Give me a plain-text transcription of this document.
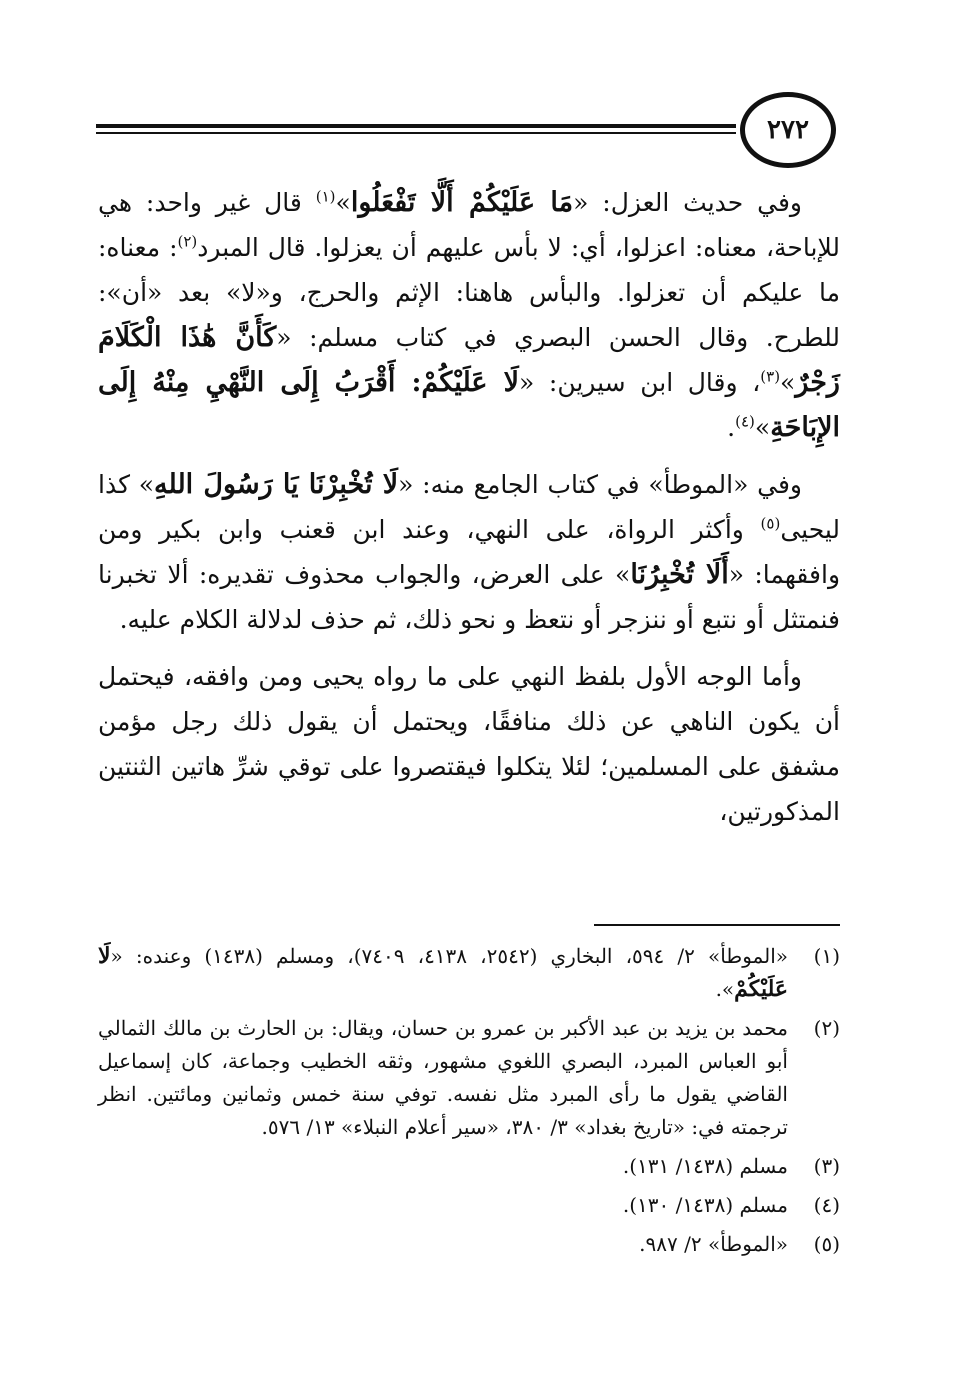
٢٧٢

وفي حديث العزل: «مَا عَلَيْكُمْ أَلَّا تَفْعَلُوا»$^{(١)}$ قال غير واحد: هي للإباحة، معناه: اعزلوا، أي: لا بأس عليهم أن يعزلوا. قال المبرد$^{(٢)}$: معناه: ما عليكم أن تعزلوا. والبأس هاهنا: الإثم والحرج، و«لا» بعد «أن»: للطرح. وقال الحسن البصري في كتاب مسلم: «كَأَنَّ هَٰذَا الْكَلَامَ زَجْرٌ»$^{(٣)}$، وقال ابن سيرين: «لَا عَلَيْكُمْ: أَقْرَبُ إِلَى النَّهْيِ مِنْهُ إِلَى الإِبَاحَةِ»$^{(٤)}$.

وفي «الموطأ» في كتاب الجامع منه: «لَا تُخْبِرْنَا يَا رَسُولَ اللهِ» كذا ليحيى$^{(٥)}$ وأكثر الرواة، على النهي، وعند ابن قعنب وابن بكير ومن وافقهما: «أَلَا تُخْبِرُنَا» على العرض، والجواب محذوف تقديره: ألا تخبرنا فنمتثل أو نتبع أو ننزجر أو نتعظ و نحو ذلك، ثم حذف لدلالة الكلام عليه.

وأما الوجه الأول بلفظ النهي على ما رواه يحيى ومن وافقه، فيحتمل أن يكون الناهي عن ذلك منافقًا، ويحتمل أن يقول ذلك رجل مؤمن مشفق على المسلمين؛ لئلا يتكلوا فيقتصروا على توقي شرِّ هاتين الثنتين المذكورتين،

(١)
«الموطأ» ٢/ ٥٩٤، البخاري (٢٥٤٢، ٤١٣٨، ٧٤٠٩)، ومسلم (١٤٣٨) وعنده: «لَا عَلَيْكُمْ».
(٢)
محمد بن يزيد بن عبد الأكبر بن عمرو بن حسان، ويقال: بن الحارث بن مالك الثمالي أبو العباس المبرد، البصري اللغوي مشهور، وثقه الخطيب وجماعة، كان إسماعيل القاضي يقول ما رأى المبرد مثل نفسه. توفي سنة خمس وثمانين ومائتين. انظر ترجمته في: «تاريخ بغداد» ٣/ ٣٨٠، «سير أعلام النبلاء» ١٣/ ٥٧٦.
(٣)
مسلم (١٤٣٨/ ١٣١).
(٤)
مسلم (١٤٣٨/ ١٣٠).
(٥)
«الموطأ» ٢/ ٩٨٧.
